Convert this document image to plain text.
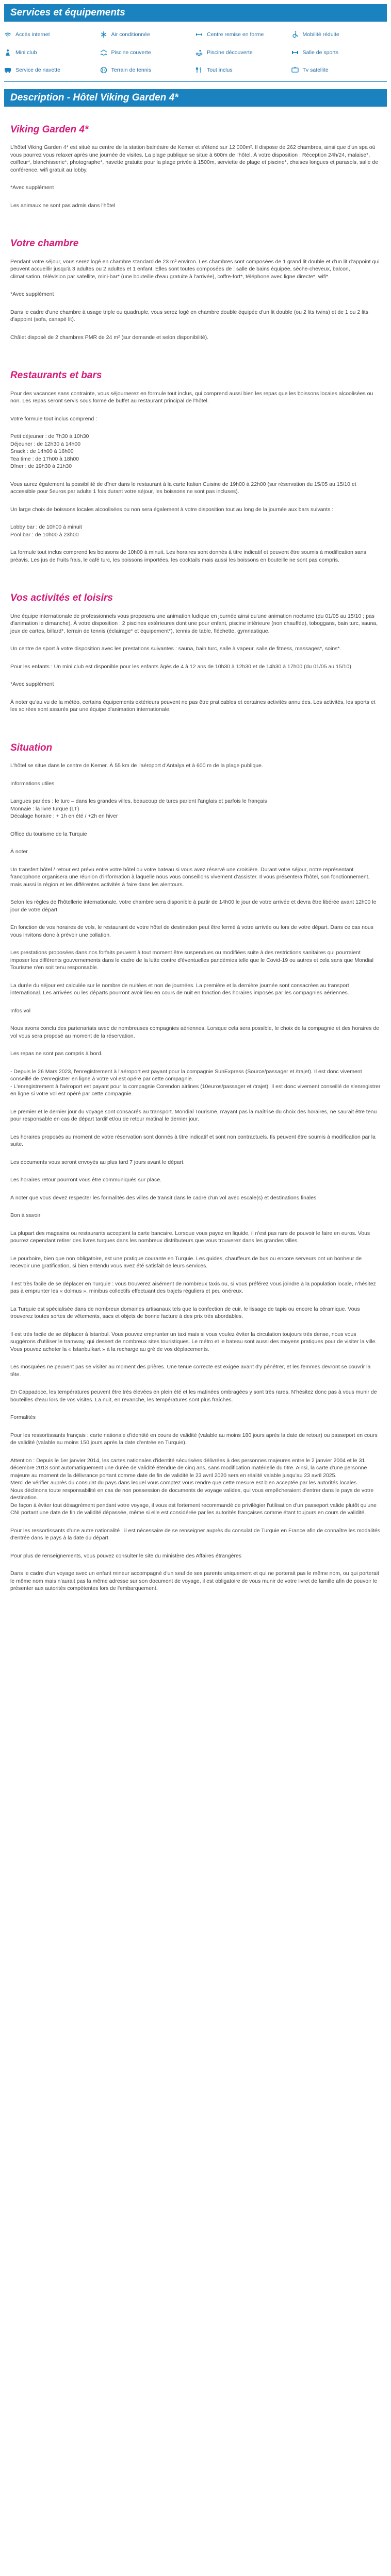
Services et équipements
Accès internet	Air conditionnée	Centre remise en forme	Mobilité réduite
Mini club	Piscine couverte	Piscine découverte	Salle de sports
Service de navette	Terrain de tennis	Tout inclus	Tv satellite
Description - Hôtel Viking Garden 4*
Viking Garden 4*

L'hôtel Viking Garden 4* est situé au centre de la station balnéaire de Kemer et s'étend sur 12 000m². Il dispose de 262 chambres, ainsi que d'un spa où vous pourrez vous relaxer après une journée de visites. La plage publique se situe à 600m de l'hôtel. À votre disposition : Réception 24h/24, malaise*, coiffeur*, blanchisserie*, photographe*, navette gratuite pour la plage privée à 1500m, serviette de plage et piscine*, chaises longues et parasols, salle de conférence, wifi gratuit au lobby.

*Avec supplément

Les animaux ne sont pas admis dans l'hôtel

Votre chambre

Pendant votre séjour, vous serez logé en chambre standard de 23 m² environ. Les chambres sont composées de 1 grand lit double et d'un lit d'appoint qui peuvent accueillir jusqu'à 3 adultes ou 2 adultes et 1 enfant. Elles sont toutes composées de : salle de bains équipée, sèche-cheveux, balcon, climatisation, télévision par satellite, mini-bar* (une bouteille d'eau gratuite à l'arrivée), coffre-fort*, téléphone avec ligne directe*, wifi*.

*Avec supplément

Dans le cadre d'une chambre à usage triple ou quadruple, vous serez logé en chambre double équipée d'un lit double (ou 2 lits twins) et de 1 ou 2 lits d'appoint (sofa, canapé lit).

Châlet disposé de 2 chambres PMR de 24 m² (sur demande et selon disponibilité).

Restaurants et bars

Pour des vacances sans contrainte, vous séjournerez en formule tout inclus, qui comprend aussi bien les repas que les boissons locales alcoolisées ou non. Les repas seront servis sous forme de buffet au restaurant principal de l'hôtel.

Votre formule tout inclus comprend :

Petit déjeuner : de 7h30 à 10h30
Déjeuner : de 12h30 à 14h00
Snack : de 14h00 à 16h00
Tea time : de 17h00 à 18h00
Dîner : de 19h30 à 21h30

Vous aurez également la possibilité de dîner dans le restaurant à la carte Italian Cuisine de 19h00 à 22h00 (sur réservation du 15/05 au 15/10 et accessible pour 5euros par adulte 1 fois durant votre séjour, les boissons ne sont pas incluses).

Un large choix de boissons locales alcoolisées ou non sera également à votre disposition tout au long de la journée aux bars suivants :

Lobby bar : de 10h00 à minuit
Pool bar : de 10h00 à 23h00

La formule tout inclus comprend les boissons de 10h00 à minuit. Les horaires sont donnés à titre indicatif et peuvent être soumis à modification sans préavis. Les jus de fruits frais, le café turc, les boissons importées, les cocktails mais aussi les boissons en bouteille ne sont pas compris.

Vos activités et loisirs

Une équipe internationale de professionnels vous proposera une animation ludique en journée ainsi qu'une animation nocturne (du 01/05 au 15/10 ; pas d'animation le dimanche). À votre disposition : 2 piscines extérieures dont une pour enfant, piscine intérieure (non chauffée), toboggans, bain turc, sauna, jeux de cartes, billard*, terrain de tennis (éclairage* et équipement*), tennis de table, fléchette, gymnastique.

Un centre de sport à votre disposition avec les prestations suivantes : sauna, bain turc, salle à vapeur, salle de fitness, massages*, soins*.

Pour les enfants : Un mini club est disponible pour les enfants âgés de 4 à 12 ans de 10h30 à 12h30 et de 14h30 à 17h00 (du 01/05 au 15/10).

*Avec supplément

À noter qu'au vu de la météo, certains équipements extérieurs peuvent ne pas être praticables et certaines activités annulées. Les activités, les sports et les soirées sont assurés par une équipe d'animation internationale.

Situation

L'hôtel se situe dans le centre de Kemer. À 55 km de l'aéroport d'Antalya et à 600 m de la plage publique.

Informations utiles

Langues parlées : le turc – dans les grandes villes, beaucoup de turcs parlent l'anglais et parfois le français
Monnaie : la livre turque (LT)
Décalage horaire : + 1h en été / +2h en hiver

Office du tourisme de la Turquie

À noter

Un transfert hôtel / retour est prévu entre votre hôtel ou votre bateau si vous avez réservé une croisière. Durant votre séjour, notre représentant francophone organisera une réunion d'information à laquelle nous vous conseillons vivement d'assister. Il vous présentera l'hôtel, son fonctionnement, mais aussi la région et les différentes activités à faire dans les alentours.

Selon les règles de l'hôtellerie internationale, votre chambre sera disponible à partir de 14h00 le jour de votre arrivée et devra être libérée avant 12h00 le jour de votre départ.

En fonction de vos horaires de vols, le restaurant de votre hôtel de destination peut être fermé à votre arrivée ou lors de votre départ. Dans ce cas nous vous invitons donc à prévoir une collation.

Les prestations proposées dans nos forfaits peuvent à tout moment être suspendues ou modifiées suite à des restrictions sanitaires qui pourraient imposer les différents gouvernements dans le cadre de la lutte contre d'éventuelles pandémies telle que le Covid-19 ou autres et cela sans que Mondial Tourisme n'en soit tenu responsable.

La durée du séjour est calculée sur le nombre de nuitées et non de journées. La première et la dernière journée sont consacrées au transport international. Les arrivées ou les départs pourront avoir lieu en cours de nuit en fonction des horaires imposés par les compagnies aériennes.

Infos vol

Nous avons conclu des partenariats avec de nombreuses compagnies aériennes. Lorsque cela sera possible, le choix de la compagnie et des horaires de vol vous sera proposé au moment de la réservation.

Les repas ne sont pas compris à bord.

- Depuis le 26 Mars 2023, l'enregistrement à l'aéroport est payant pour la compagnie SunExpress (Source/passager et /trajet). Il est donc vivement conseillé de s'enregistrer en ligne à votre vol est opéré par cette compagnie.
- L'enregistrement à l'aéroport est payant pour la compagnie Corendon airlines (10euros/passager et /trajet). Il est donc vivement conseillé de s'enregistrer en ligne si votre vol est opéré par cette compagnie.

Le premier et le dernier jour du voyage sont consacrés au transport. Mondial Tourisme, n'ayant pas la maîtrise du choix des horaires, ne saurait être tenu pour responsable en cas de départ tardif et/ou de retour matinal le dernier jour.

Les horaires proposés au moment de votre réservation sont donnés à titre indicatif et sont non contractuels. Ils peuvent être soumis à modification par la suite.

Les documents vous seront envoyés au plus tard 7 jours avant le départ.

Les horaires retour pourront vous être communiqués sur place.

À noter que vous devez respecter les formalités des villes de transit dans le cadre d'un vol avec escale(s) et destinations finales

Bon à savoir

La plupart des magasins ou restaurants acceptent la carte bancaire. Lorsque vous payez en liquide, il n'est pas rare de pouvoir le faire en euros. Vous pourrez cependant retirer des livres turques dans les nombreux distributeurs que vous trouverez dans les grandes villes.

Le pourboire, bien que non obligatoire, est une pratique courante en Turquie. Les guides, chauffeurs de bus ou encore serveurs ont un bonheur de recevoir une gratification, si bien entendu vous avez été satisfait de leurs services.

Il est très facile de se déplacer en Turquie : vous trouverez aisément de nombreux taxis ou, si vous préférez vous joindre à la population locale, n'hésitez pas à emprunter les « dolmus », minibus collectifs effectuant des trajets réguliers et peu onéreux.

La Turquie est spécialisée dans de nombreux domaines artisanaux tels que la confection de cuir, le lissage de tapis ou encore la céramique. Vous trouverez toutes sortes de vêtements, sacs et objets de bonne facture à des prix très abordables.

Il est très facile de se déplacer à Istanbul. Vous pouvez emprunter un taxi mais si vous voulez éviter la circulation toujours très dense, nous vous suggérons d'utiliser le tramway, qui dessert de nombreux sites touristiques. Le métro et le bateau sont aussi des moyens pratiques pour de visiter la ville. Vous pouvez acheter la « Istanbulkart » à la recharge au gré de vos déplacements.

Les mosquées ne peuvent pas se visiter au moment des prières. Une tenue correcte est exigée avant d'y pénétrer, et les femmes devront se couvrir la tête.

En Cappadoce, les températures peuvent être très élevées en plein été et les matinées ombragées y sont très rares. N'hésitez donc pas à vous munir de bouteilles d'eau lors de vos visites. La nuit, en revanche, les températures sont plus fraîches.

Formalités

Pour les ressortissants français : carte nationale d'identité en cours de validité (valable au moins 180 jours après la date de retour) ou passeport en cours de validité (valable au moins 150 jours après la date d'entrée en Turquie).

Attention : Depuis le 1er janvier 2014, les cartes nationales d'identité sécurisées délivrées à des personnes majeures entre le 2 janvier 2004 et le 31 décembre 2013 sont automatiquement une durée de validité étendue de cinq ans, sans modification matérielle du titre. Ainsi, la carte d'une personne majeure au moment de la délivrance portant comme date de fin de validité le 23 avril 2020 sera en réalité valable jusqu'au 23 avril 2025.
Merci de vérifier auprès du consulat du pays dans lequel vous comptez vous rendre que cette mesure est bien acceptée par les autorités locales.
Nous déclinons toute responsabilité en cas de non possession de documents de voyage valides, qui vous empêcheraient d'entrer dans le pays de votre destination.
De façon à éviter tout désagrément pendant votre voyage, il vous est fortement recommandé de privilégier l'utilisation d'un passeport valide plutôt qu'une CNI portant une date de fin de validité dépassée, même si elle est considérée par les autorités françaises comme étant toujours en cours de validité.

Pour les ressortissants d'une autre nationalité : il est nécessaire de se renseigner auprès du consulat de Turquie en France afin de connaître les modalités d'entrée dans le pays à la date du départ.

Pour plus de renseignements, vous pouvez consulter le site du ministère des Affaires étrangères

Dans le cadre d'un voyage avec un enfant mineur accompagné d'un seul de ses parents uniquement et qui ne porterait pas le même nom, ou qui porterait le même nom mais n'aurait pas la même adresse sur son document de voyage, il est obligatoire de vous munir de votre livret de famille afin de pouvoir le présenter aux autorités compétentes lors de l'embarquement.
